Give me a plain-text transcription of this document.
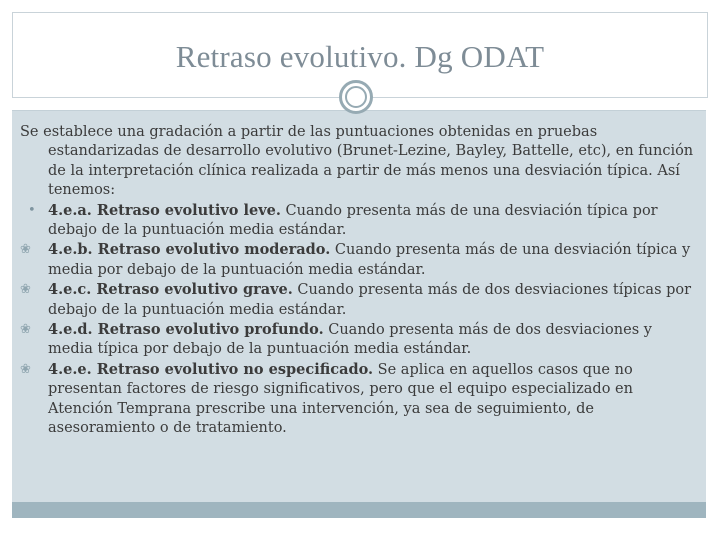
Retraso evolutivo. Dg ODAT

Se establece una gradación a partir de las puntuaciones obtenidas en pruebas estandarizadas de desarrollo evolutivo (Brunet-Lezine, Bayley, Battelle, etc), en función de la interpretación clínica realizada a partir de más menos una desviación típica. Así tenemos:

• 4.e.a. Retraso evolutivo leve. Cuando presenta más de una desviación típica por debajo de la puntuación media estándar.

❀	4.e.b. Retraso evolutivo moderado. Cuando presenta más de una desviación típica y media por debajo de la puntuación media estándar.

❀	4.e.c. Retraso evolutivo grave. Cuando presenta más de dos desviaciones típicas por debajo de la puntuación media estándar.

❀	4.e.d. Retraso evolutivo profundo. Cuando presenta más de dos desviaciones y media típica por debajo de la puntuación media estándar.

❀	4.e.e. Retraso evolutivo no especificado. Se aplica en aquellos casos que no presentan factores de riesgo significativos, pero que el equipo especializado en Atención Temprana prescribe una intervención, ya sea de seguimiento, de asesoramiento o de tratamiento.
